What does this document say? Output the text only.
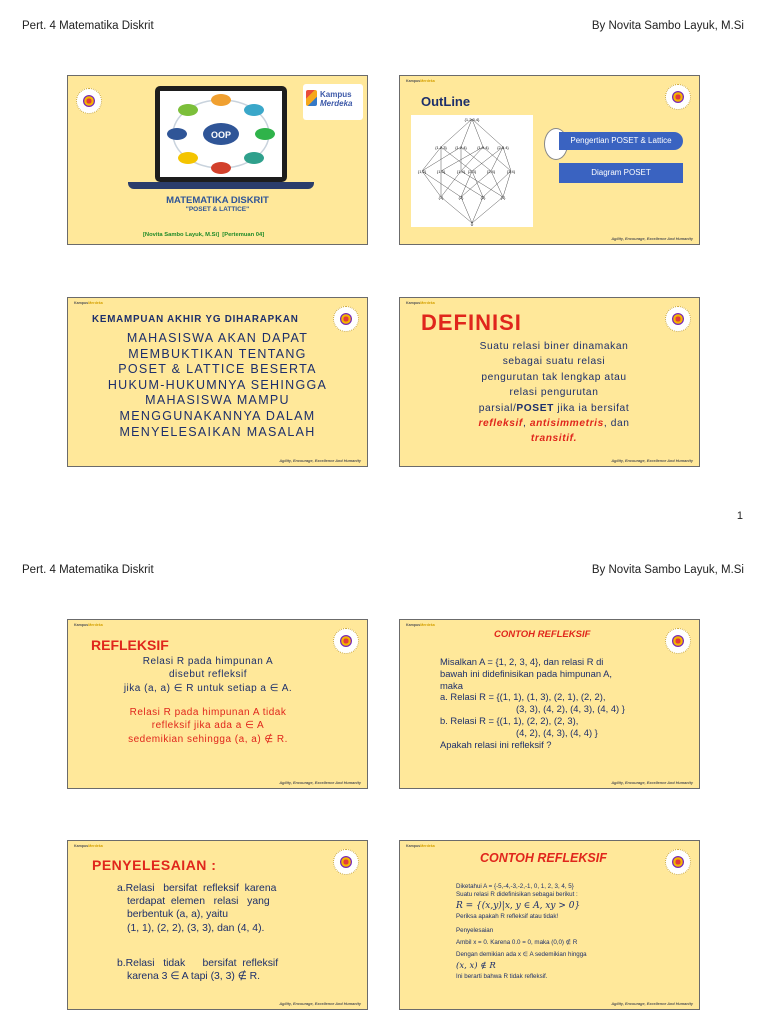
Pert. 4 Matematika Diskrit	By Novita Sambo Layuk, M.Si
1
Pert. 4 Matematika Diskrit	By Novita Sambo Layuk, M.Si
OOP
Kampus
Merdeka
MATEMATIKA DISKRIT
"POSET & LATTICE"
[Novita Sambo Layuk, M.Si] [Pertemuan 04]
KampusMerdeka
OutLine
{1,2,3,4}
{1,2,3} {1,2,4}	{1,3,4} {2,3,4}
{1,2}	{1,3}	{1,4} {2,3}	{2,4}	{3,4}
{1}	{2}	{3}	{4}
{}
Pengertian POSET & Lattice
Diagram POSET
Agility, Encourage, Excellence And Humanity
KampusMerdeka
KEMAMPUAN AKHIR YG DIHARAPKAN
MAHASISWA AKAN DAPAT
MEMBUKTIKAN TENTANG
POSET & LATTICE BESERTA
HUKUM-HUKUMNYA SEHINGGA
MAHASISWA MAMPU
MENGGUNAKANNYA DALAM
MENYELESAIKAN MASALAH
Agility, Encourage, Excellence And Humanity
KampusMerdeka
DEFINISI
Suatu relasi biner dinamakan
sebagai suatu relasi
pengurutan tak lengkap atau
relasi pengurutan
parsial/POSET jika ia bersifat
refleksif, antisimmetris, dan
transitif.
Agility, Encourage, Excellence And Humanity
KampusMerdeka
REFLEKSIF
Relasi R pada himpunan A
disebut refleksif
jika (a, a) ∈ R untuk setiap a ∈ A.
Relasi R pada himpunan A tidak
refleksif jika ada a ∈ A
sedemikian sehingga (a, a) ∉ R.
Agility, Encourage, Excellence And Humanity
KampusMerdeka
CONTOH REFLEKSIF
Misalkan A = {1, 2, 3, 4}, dan relasi R di
bawah ini didefinisikan pada himpunan A,
maka
a. Relasi R = {(1, 1), (1, 3), (2, 1), (2, 2),
(3, 3), (4, 2), (4, 3), (4, 4) }
b. Relasi R = {(1, 1), (2, 2), (2, 3),
(4, 2), (4, 3), (4, 4) }
Apakah relasi ini refleksif ?
Agility, Encourage, Excellence And Humanity
KampusMerdeka
PENYELESAIAN :
a.Relasi   bersifat  refleksif  karena
terdapat  elemen   relasi   yang
berbentuk (a, a), yaitu
(1, 1), (2, 2), (3, 3), dan (4, 4).
b.Relasi   tidak      bersifat  refleksif
karena 3 ∈ A tapi (3, 3) ∉ R.
Agility, Encourage, Excellence And Humanity
KampusMerdeka
CONTOH REFLEKSIF
Diketahui A = {-5,-4,-3,-2,-1, 0, 1, 2, 3, 4, 5}
Suatu relasi R didefinisikan sebagai berikut :
R = {(x,y)|x, y ∈ A, xy > 0}
Periksa apakah R refleksif atau tidak!
Penyelesaian
Ambil x = 0. Karena 0.0 = 0, maka (0,0) ∉ R
Dengan demikian ada x ∈ A sedemikian hingga
(x, x) ∉ R
Ini berarti bahwa R tidak refleksif.
Agility, Encourage, Excellence And Humanity
